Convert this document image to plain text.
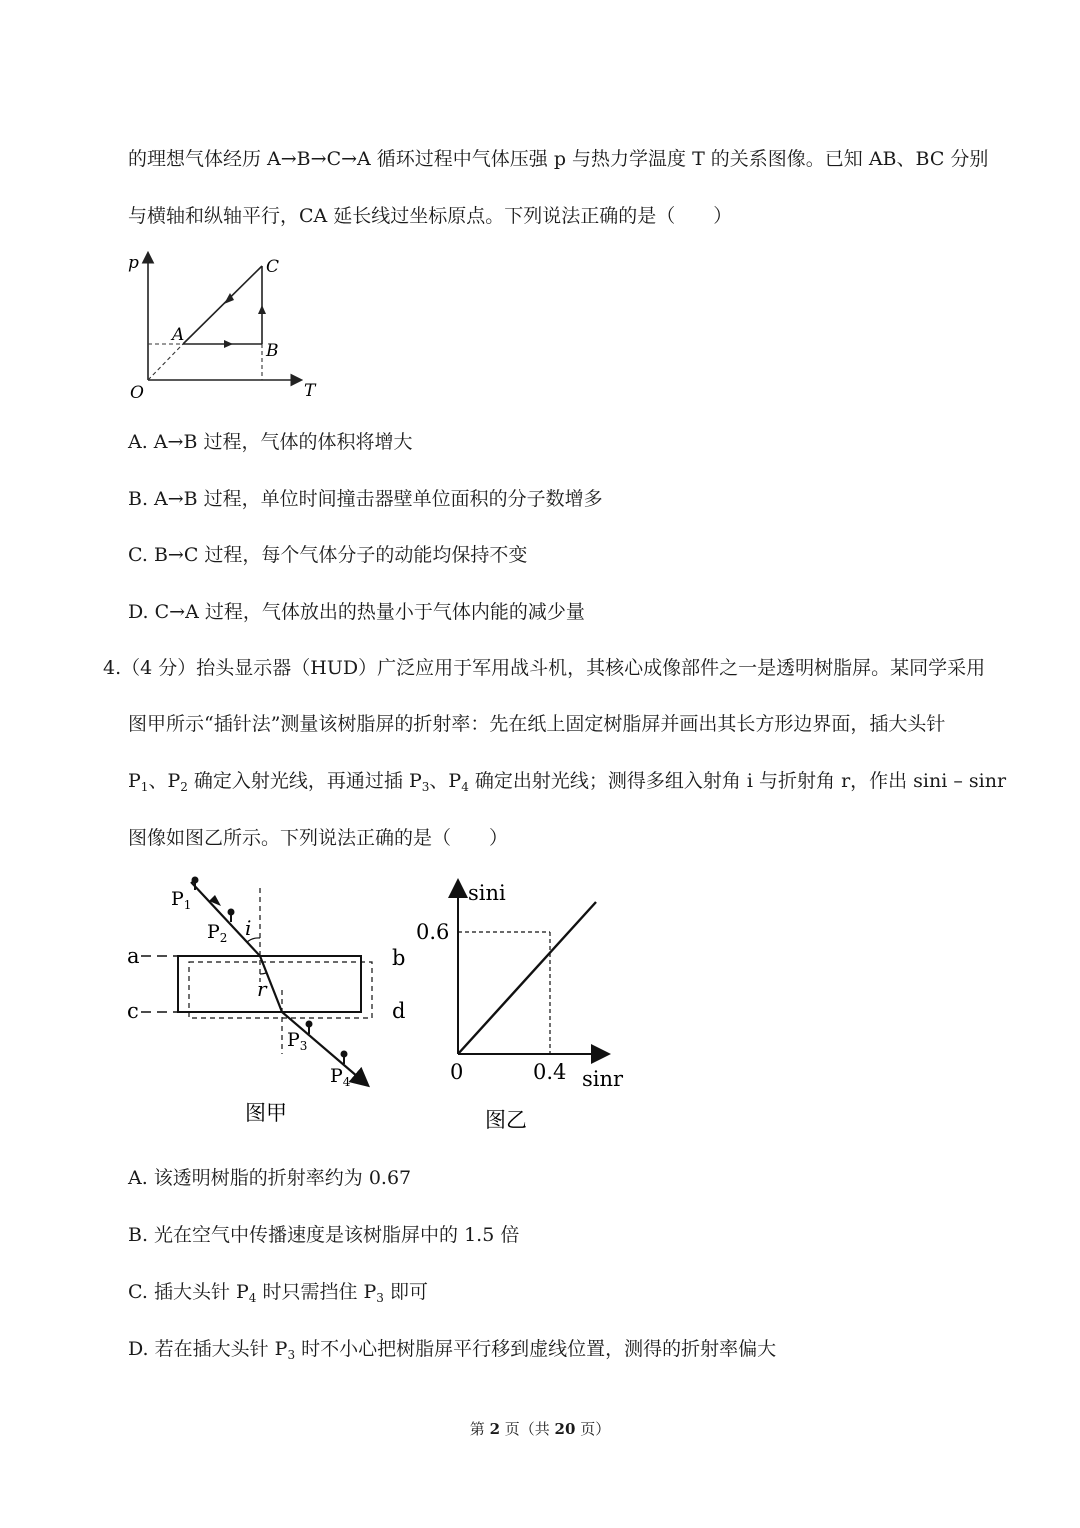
的理想气体经历 A→B→C→A 循环过程中气体压强 p 与热力学温度 T 的关系图像。已知 AB、BC 分别
与横轴和纵轴平行，CA 延长线过坐标原点。下列说法正确的是（　　）
p
T
O
A
B
C
A. A→B 过程，气体的体积将增大
B. A→B 过程，单位时间撞击器壁单位面积的分子数增多
C. B→C 过程，每个气体分子的动能均保持不变
D. C→A 过程，气体放出的热量小于气体内能的减少量
4.（4 分）抬头显示器（HUD）广泛应用于军用战斗机，其核心成像部件之一是透明树脂屏。某同学采用
图甲所示“插针法”测量该树脂屏的折射率：先在纸上固定树脂屏并画出其长方形边界面，插大头针
$P_1$、$P_2$ 确定入射光线，再通过插 $P_3$、$P_4$ 确定出射光线；测得多组入射角 i 与折射角 r，作出 sini – sinr
图像如图乙所示。下列说法正确的是（　　）
a	b
c	d
i
r
$P_1$
$P_2$
$P_3$
$P_4$
图甲
sini
0.6
0	0.4 sinr
图乙
A. 该透明树脂的折射率约为 0.67
B. 光在空气中传播速度是该树脂屏中的 1.5 倍
C. 插大头针 $P_4$ 时只需挡住 $P_3$ 即可
D. 若在插大头针 $P_3$ 时不小心把树脂屏平行移到虚线位置，测得的折射率偏大
第 2 页（共 20 页）
